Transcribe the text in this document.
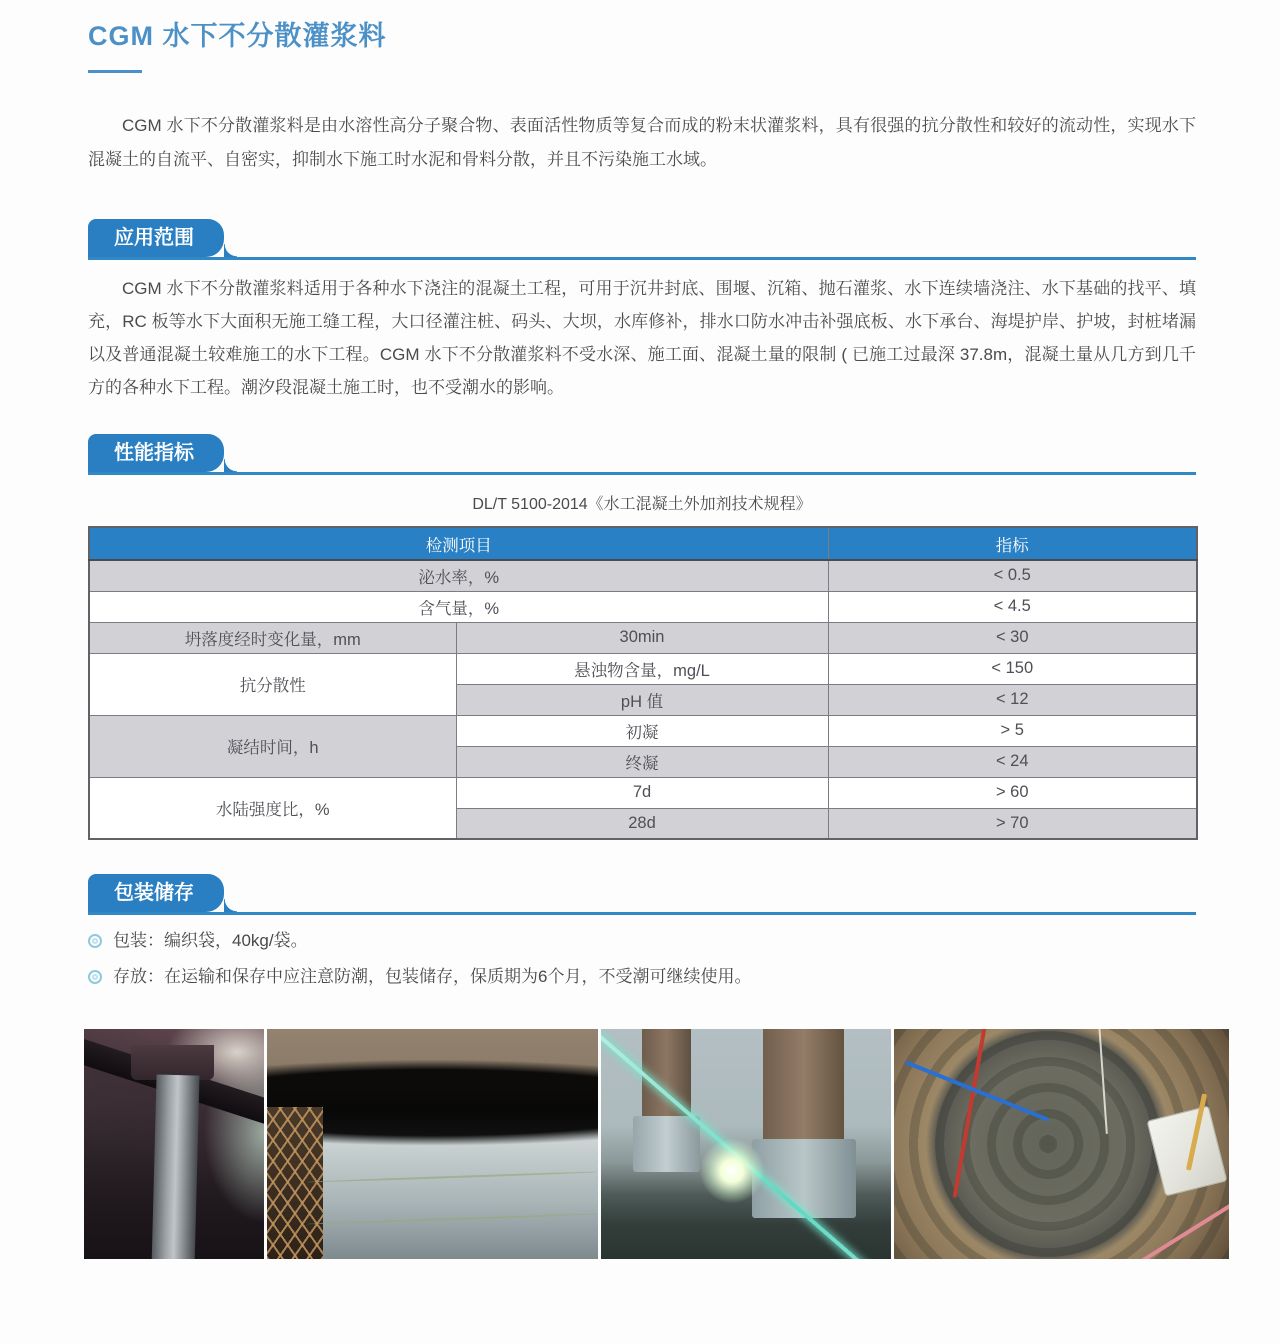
CGM 水下不分散灌浆料

CGM 水下不分散灌浆料是由水溶性高分子聚合物、表面活性物质等复合而成的粉末状灌浆料，具有很强的抗分散性和较好的流动性，实现水下混凝土的自流平、自密实，抑制水下施工时水泥和骨料分散，并且不污染施工水域。

应用范围

CGM 水下不分散灌浆料适用于各种水下浇注的混凝土工程，可用于沉井封底、围堰、沉箱、抛石灌浆、水下连续墙浇注、水下基础的找平、填充，RC 板等水下大面积无施工缝工程，大口径灌注桩、码头、大坝，水库修补，排水口防水冲击补强底板、水下承台、海堤护岸、护坡，封桩堵漏以及普通混凝土较难施工的水下工程。CGM 水下不分散灌浆料不受水深、施工面、混凝土量的限制 ( 已施工过最深 37.8m，混凝土量从几方到几千方的各种水下工程。潮汐段混凝土施工时，也不受潮水的影响。

性能指标
DL/T 5100-2014《水工混凝土外加剂技术规程》
检测项目		指标
泌水率，%		< 0.5
含气量，%		< 4.5
坍落度经时变化量，mm	30min	< 30
抗分散性	悬浊物含量，mg/L	< 150
	pH 值	< 12
凝结时间，h	初凝	> 5
	终凝	< 24
水陆强度比，%	7d	> 60
	28d	> 70
包装储存
包装：编织袋，40kg/袋。
存放：在运输和保存中应注意防潮，包装储存，保质期为6个月，不受潮可继续使用。
